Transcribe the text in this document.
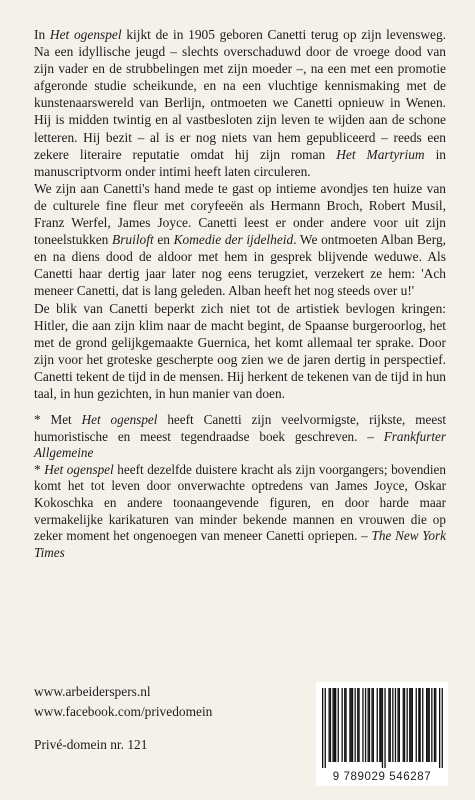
In Het ogenspel kijkt de in 1905 geboren Canetti terug op zijn levensweg. Na een idyllische jeugd – slechts overschaduwd door de vroege dood van zijn vader en de strubbelingen met zijn moeder –, na een met een promotie afgeronde studie scheikunde, en na een vluchtige kennismaking met de kunstenaarswereld van Berlijn, ontmoeten we Canetti opnieuw in Wenen. Hij is midden twintig en al vastbesloten zijn leven te wijden aan de schone letteren. Hij bezit – al is er nog niets van hem gepubliceerd – reeds een zekere literaire reputatie omdat hij zijn roman Het Martyrium in manuscriptvorm onder intimi heeft laten circuleren.

We zijn aan Canetti's hand mede te gast op intieme avondjes ten huize van de culturele fine fleur met coryfeeën als Hermann Broch, Robert Musil, Franz Werfel, James Joyce. Canetti leest er onder andere voor uit zijn toneelstukken Bruiloft en Komedie der ijdelheid. We ontmoeten Alban Berg, en na diens dood de aldoor met hem in gesprek blijvende weduwe. Als Canetti haar dertig jaar later nog eens terugziet, verzekert ze hem: 'Ach meneer Canetti, dat is lang geleden. Alban heeft het nog steeds over u!'

De blik van Canetti beperkt zich niet tot de artistiek bevlogen kringen: Hitler, die aan zijn klim naar de macht begint, de Spaanse burgeroorlog, het met de grond gelijkgemaakte Guernica, het komt allemaal ter sprake. Door zijn voor het groteske gescherpte oog zien we de jaren dertig in perspectief. Canetti tekent de tijd in de mensen. Hij herkent de tekenen van de tijd in hun taal, in hun gezichten, in hun manier van doen.

* Met Het ogenspel heeft Canetti zijn veelvormigste, rijkste, meest humoristische en meest tegendraadse boek geschreven. – Frankfurter Allgemeine

* Het ogenspel heeft dezelfde duistere kracht als zijn voorgangers; bovendien komt het tot leven door onverwachte optredens van James Joyce, Oskar Kokoschka en andere toonaangevende figuren, en door harde maar vermakelijke karikaturen van minder bekende mannen en vrouwen die op zeker moment het ongenoegen van meneer Canetti opriepen. – The New York Times

www.arbeiderspers.nl
www.facebook.com/privedomein
Privé-domein nr. 121
9 789029 546287
